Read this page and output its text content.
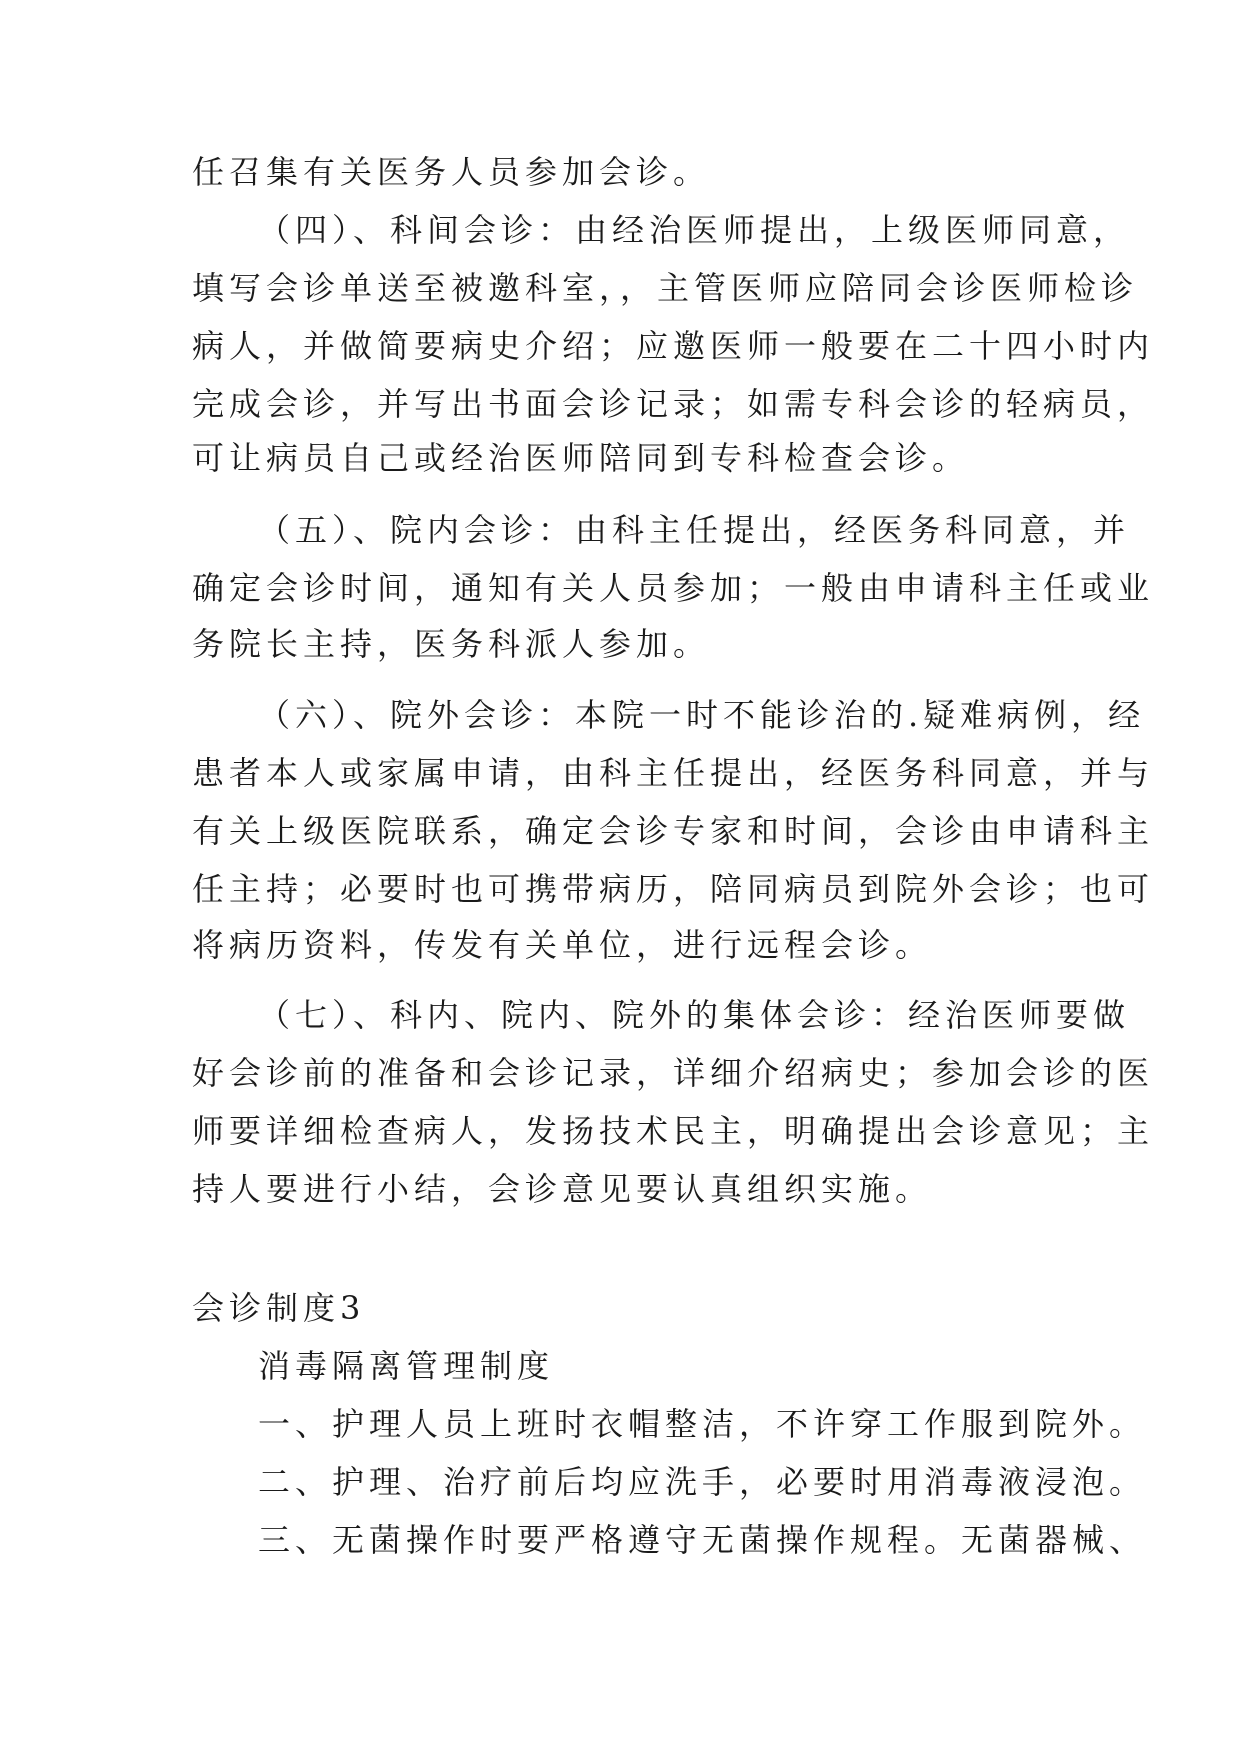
任召集有关医务人员参加会诊。
（四）、科间会诊：由经治医师提出，上级医师同意，
填写会诊单送至被邀科室，，主管医师应陪同会诊医师检诊
病人，并做简要病史介绍；应邀医师一般要在二十四小时内
完成会诊，并写出书面会诊记录；如需专科会诊的轻病员，
可让病员自己或经治医师陪同到专科检查会诊。
（五）、院内会诊：由科主任提出，经医务科同意，并
确定会诊时间，通知有关人员参加；一般由申请科主任或业
务院长主持，医务科派人参加。
（六）、院外会诊：本院一时不能诊治的.疑难病例，经
患者本人或家属申请，由科主任提出，经医务科同意，并与
有关上级医院联系，确定会诊专家和时间，会诊由申请科主
任主持；必要时也可携带病历，陪同病员到院外会诊；也可
将病历资料，传发有关单位，进行远程会诊。
（七）、科内、院内、院外的集体会诊：经治医师要做
好会诊前的准备和会诊记录，详细介绍病史；参加会诊的医
师要详细检查病人，发扬技术民主，明确提出会诊意见；主
持人要进行小结，会诊意见要认真组织实施。
会诊制度3
消毒隔离管理制度
一、护理人员上班时衣帽整洁，不许穿工作服到院外。
二、护理、治疗前后均应洗手，必要时用消毒液浸泡。
三、无菌操作时要严格遵守无菌操作规程。无菌器械、
